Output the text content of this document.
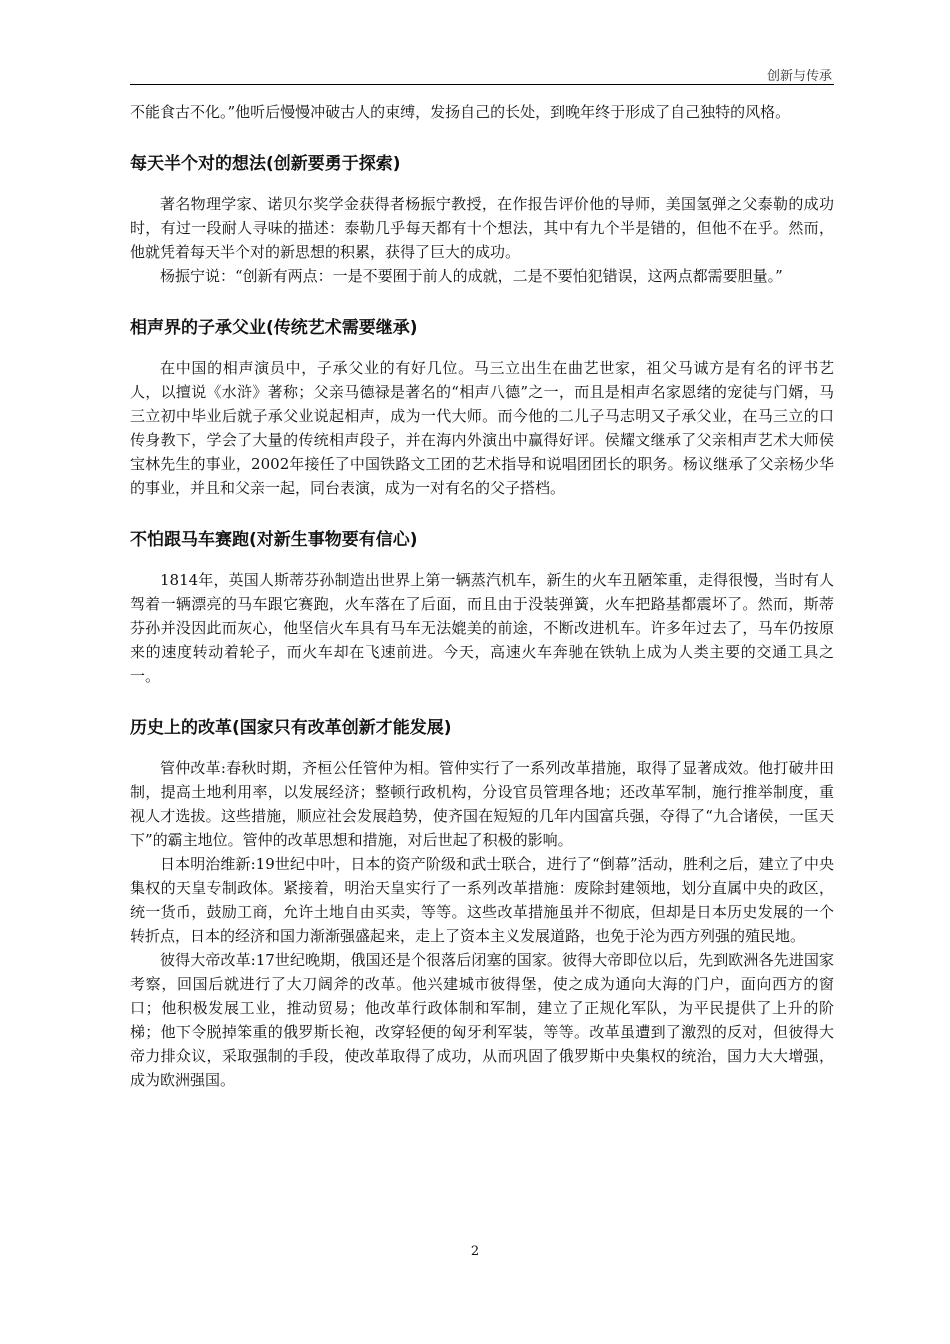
创新与传承

不能食古不化。”他听后慢慢冲破古人的束缚，发扬自己的长处，到晚年终于形成了自己独特的风格。

每天半个对的想法(创新要勇于探索)

著名物理学家、诺贝尔奖学金获得者杨振宁教授，在作报告评价他的导师，美国氢弹之父泰勒的成功时，有过一段耐人寻味的描述：泰勒几乎每天都有十个想法，其中有九个半是错的，但他不在乎。然而，他就凭着每天半个对的新思想的积累，获得了巨大的成功。

杨振宁说：“创新有两点：一是不要囿于前人的成就，二是不要怕犯错误，这两点都需要胆量。”

相声界的子承父业(传统艺术需要继承)

在中国的相声演员中，子承父业的有好几位。马三立出生在曲艺世家，祖父马诚方是有名的评书艺人，以擅说《水浒》著称；父亲马德禄是著名的“相声八德”之一，而且是相声名家恩绪的宠徒与门婿，马三立初中毕业后就子承父业说起相声，成为一代大师。而今他的二儿子马志明又子承父业，在马三立的口传身教下，学会了大量的传统相声段子，并在海内外演出中赢得好评。侯耀文继承了父亲相声艺术大师侯宝林先生的事业，2002年接任了中国铁路文工团的艺术指导和说唱团团长的职务。杨议继承了父亲杨少华的事业，并且和父亲一起，同台表演，成为一对有名的父子搭档。

不怕跟马车赛跑(对新生事物要有信心)

1814年，英国人斯蒂芬孙制造出世界上第一辆蒸汽机车，新生的火车丑陋笨重，走得很慢，当时有人驾着一辆漂亮的马车跟它赛跑，火车落在了后面，而且由于没装弹簧，火车把路基都震坏了。然而，斯蒂芬孙并没因此而灰心，他坚信火车具有马车无法媲美的前途，不断改进机车。许多年过去了，马车仍按原来的速度转动着轮子，而火车却在飞速前进。今天，高速火车奔驰在铁轨上成为人类主要的交通工具之一。

历史上的改革(国家只有改革创新才能发展)

管仲改革:春秋时期，齐桓公任管仲为相。管仲实行了一系列改革措施，取得了显著成效。他打破井田制，提高土地利用率，以发展经济；整顿行政机构，分设官员管理各地；还改革军制，施行推举制度，重视人才选拔。这些措施，顺应社会发展趋势，使齐国在短短的几年内国富兵强，夺得了“九合诸侯，一匡天下”的霸主地位。管仲的改革思想和措施，对后世起了积极的影响。

日本明治维新:19世纪中叶，日本的资产阶级和武士联合，进行了“倒幕”活动，胜利之后，建立了中央集权的天皇专制政体。紧接着，明治天皇实行了一系列改革措施：废除封建领地，划分直属中央的政区，统一货币，鼓励工商，允许土地自由买卖，等等。这些改革措施虽并不彻底，但却是日本历史发展的一个转折点，日本的经济和国力渐渐强盛起来，走上了资本主义发展道路，也免于沦为西方列强的殖民地。

彼得大帝改革:17世纪晚期，俄国还是个很落后闭塞的国家。彼得大帝即位以后，先到欧洲各先进国家考察，回国后就进行了大刀阔斧的改革。他兴建城市彼得堡，使之成为通向大海的门户，面向西方的窗口；他积极发展工业，推动贸易；他改革行政体制和军制，建立了正规化军队，为平民提供了上升的阶梯；他下令脱掉笨重的俄罗斯长袍，改穿轻便的匈牙利军装，等等。改革虽遭到了激烈的反对，但彼得大帝力排众议，采取强制的手段，使改革取得了成功，从而巩固了俄罗斯中央集权的统治，国力大大增强，成为欧洲强国。

2
